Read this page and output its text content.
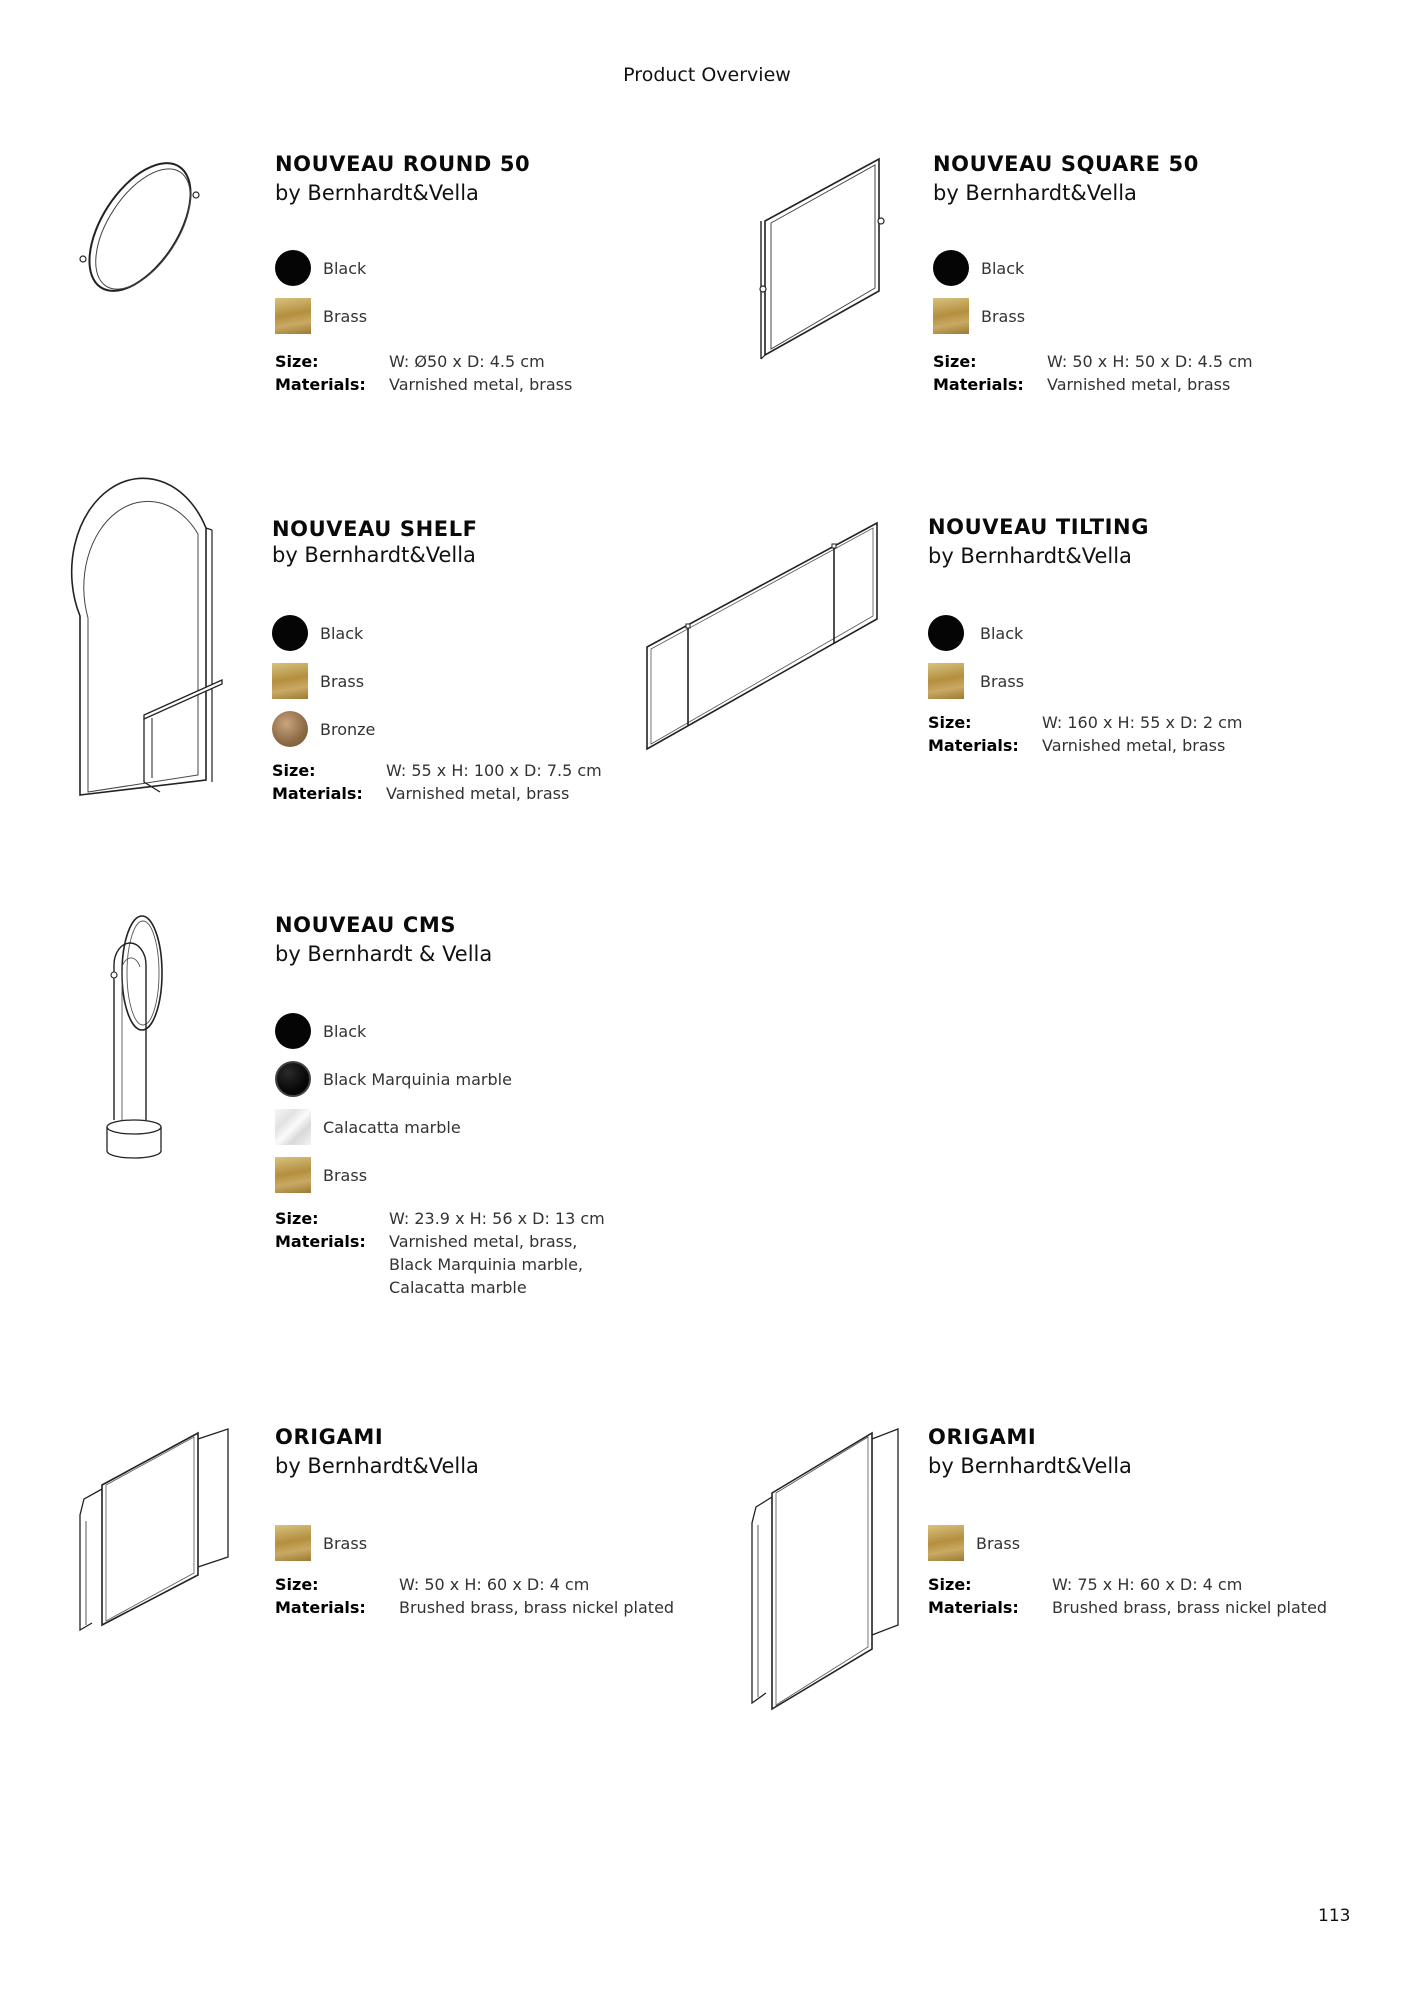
Product Overview
NOUVEAU ROUND 50
by Bernhardt&Vella
Black
Brass
Size:	W: Ø50 x D: 4.5 cm
Materials:	Varnished metal, brass
NOUVEAU SQUARE 50
by Bernhardt&Vella
Black
Brass
Size:	W: 50 x H: 50 x D: 4.5 cm
Materials:	Varnished metal, brass
NOUVEAU SHELF
by Bernhardt&Vella
Black
Brass
Bronze
Size:	W: 55 x H: 100 x D: 7.5 cm
Materials:	Varnished metal, brass
NOUVEAU TILTING
by Bernhardt&Vella
Black
Brass
Size:	W: 160 x H: 55 x D: 2 cm
Materials:	Varnished metal, brass
NOUVEAU CMS
by Bernhardt & Vella
Black
Black Marquinia marble
Calacatta marble
Brass
Size:	W: 23.9 x H: 56 x D: 13 cm
Materials:	Varnished metal, brass, Black Marquinia marble, Calacatta marble
ORIGAMI
by Bernhardt&Vella
Brass
Size:	W: 50 x H: 60 x D: 4 cm
Materials:	Brushed brass, brass nickel plated
ORIGAMI
by Bernhardt&Vella
Brass
Size:	W: 75 x H: 60 x D: 4 cm
Materials:	Brushed brass, brass nickel plated
113
